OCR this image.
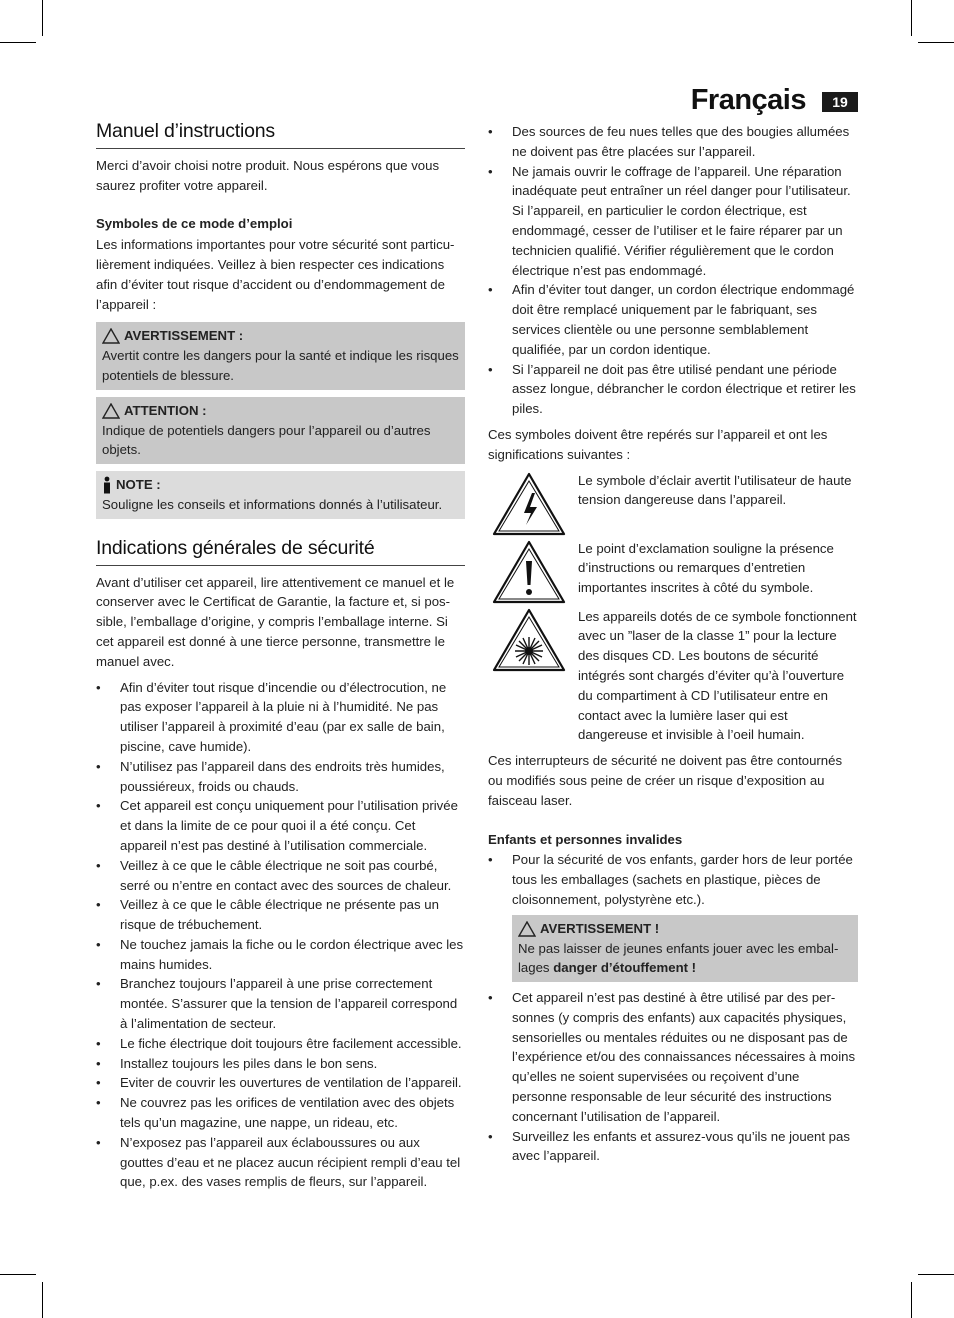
Français	19
Manuel d’instructions

Merci d’avoir choisi notre produit. Nous espérons que vous saurez profiter votre appareil.

Symboles de ce mode d’emploi

Les informations importantes pour votre sécurité sont particulièrement indiquées. Veillez à bien respecter ces indications afin d’éviter tout risque d’accident ou d’endommagement de l’appareil :

AVERTISSEMENT :

Avertit contre les dangers pour la santé et indique les risques potentiels de blessure.

ATTENTION :

Indique de potentiels dangers pour l’appareil ou d’autres objets.

NOTE :

Souligne les conseils et informations donnés à l’utilisateur.

Indications générales de sécurité

Avant d’utiliser cet appareil, lire attentivement ce manuel et le conserver avec le Certificat de Garantie, la facture et, si possible, l’emballage d’origine, y compris l’emballage interne. Si cet appareil est donné à une tierce personne, transmettre le manuel avec.

• Afin d’éviter tout risque d’incendie ou d’électrocution, ne pas exposer l’appareil à la pluie ni à l’humidité. Ne pas utiliser l’appareil à proximité d’eau (par ex salle de bain, piscine, cave humide).
• N’utilisez pas l’appareil dans des endroits très humides, poussiéreux, froids ou chauds.
• Cet appareil est conçu uniquement pour l’utilisation privée et dans la limite de ce pour quoi il a été conçu. Cet appareil n’est pas destiné à l’utilisation commerciale.
• Veillez à ce que le câble électrique ne soit pas courbé, serré ou n’entre en contact avec des sources de chaleur.
• Veillez à ce que le câble électrique ne présente pas un risque de trébuchement.
• Ne touchez jamais la fiche ou le cordon électrique avec les mains humides.
• Branchez toujours l’appareil à une prise correctement montée. S’assurer que la tension de l’appareil correspond à l’alimentation de secteur.
• Le fiche électrique doit toujours être facilement accessible.
• Installez toujours les piles dans le bon sens.
• Eviter de couvrir les ouvertures de ventilation de l’appareil.
• Ne couvrez pas les orifices de ventilation avec des objets tels qu’un magazine, une nappe, un rideau, etc.
• N’exposez pas l’appareil aux éclaboussures ou aux gouttes d’eau et ne placez aucun récipient rempli d’eau tel que, p.ex. des vases remplis de fleurs, sur l’appareil.
• Des sources de feu nues telles que des bougies allumées ne doivent pas être placées sur l’appareil.
• Ne jamais ouvrir le coffrage de l’appareil. Une réparation inadéquate peut entraîner un réel danger pour l’utilisateur. Si l’appareil, en particulier le cordon électrique, est endommagé, cesser de l’utiliser et le faire réparer par un technicien qualifié. Vérifier régulièrement que le cordon électrique n’est pas endommagé.
• Afin d’éviter tout danger, un cordon électrique endommagé doit être remplacé uniquement par le fabriquant, ses services clientèle ou une personne semblablement qualifiée, par un cordon identique.
• Si l’appareil ne doit pas être utilisé pendant une période assez longue, débrancher le cordon électrique et retirer les piles.

Ces symboles doivent être repérés sur l’appareil et ont les significations suivantes :

Le symbole d’éclair avertit l’utilisateur de haute tension dangereuse dans l’appareil.

Le point d’exclamation souligne la présence d’instructions ou remarques d’entretien importantes inscrites à côté du symbole.

Les appareils dotés de ce symbole fonctionnent avec un ”laser de la classe 1” pour la lecture des disques CD. Les boutons de sécurité intégrés sont chargés d’éviter qu’à l’ouverture du compartiment à CD l’utilisateur entre en contact avec la lumière laser qui est dangereuse et invisible à l’oeil humain.

Ces interrupteurs de sécurité ne doivent pas être contournés ou modifiés sous peine de créer un risque d’exposition au faisceau laser.

Enfants et personnes invalides

• Pour la sécurité de vos enfants, garder hors de leur portée tous les emballages (sachets en plastique, pièces de cloisonnement, polystyrène etc.).
AVERTISSEMENT !

Ne pas laisser de jeunes enfants jouer avec les emballages danger d’étouffement !

• Cet appareil n’est pas destiné à être utilisé par des personnes (y compris des enfants) aux capacités physiques, sensorielles ou mentales réduites ou ne disposant pas de l’expérience et/ou des connaissances nécessaires à moins qu’elles ne soient supervisées ou reçoivent d’une personne responsable de leur sécurité des instructions concernant l’utilisation de l’appareil.
• Surveillez les enfants et assurez-vous qu’ils ne jouent pas avec l’appareil.
